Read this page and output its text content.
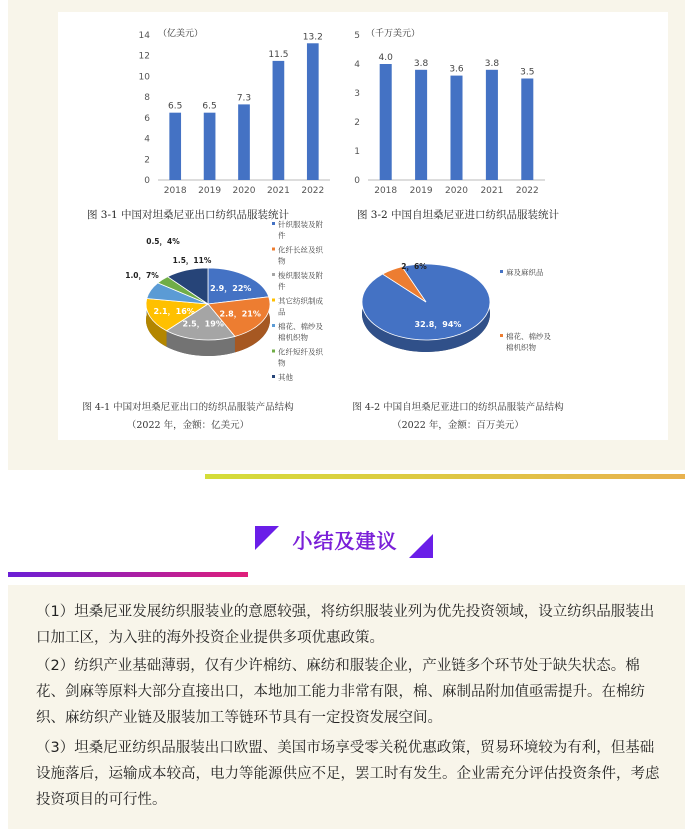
（亿美元）
图 3-1 中国对坦桑尼亚出口纺织品服装统计
0
2
4
6
8
10
12
14
6.5
2018
6.5
2019
7.3
2020
11.5
2021
13.2
2022
（千万美元）
图 3-2 中国自坦桑尼亚进口纺织品服装统计
0
1
2
3
4
5
4.0
2018
3.8
2019
3.6
2020
3.8
2021
3.5
2022
图 4-1 中国对坦桑尼亚出口的纺织品服装产品结构
（2022 年，金额：亿美元）
2.9，22%
2.8，21%
2.5，19%
2.1，16%
1.0，7%
0.5，4%
1.5，11%
针织服装及附件
化纤长丝及织物
梭织服装及附件
其它纺织制成品
棉花、棉纱及棉机织物
化纤短纤及织物
其他
图 4-2 中国自坦桑尼亚进口的纺织品服装产品结构
（2022 年，金额：百万美元）
32.8，94%
2，6%
麻及麻织品
棉花、棉纱及棉机织物
小结及建议
（1）坦桑尼亚发展纺织服装业的意愿较强，将纺织服装业列为优先投资领域，设立纺织品服装出口加工区，为入驻的海外投资企业提供多项优惠政策。
（2）纺织产业基础薄弱，仅有少许棉纺、麻纺和服装企业，产业链多个环节处于缺失状态。棉花、剑麻等原料大部分直接出口，本地加工能力非常有限，棉、麻制品附加值亟需提升。在棉纺织、麻纺织产业链及服装加工等链环节具有一定投资发展空间。
（3）坦桑尼亚纺织品服装出口欧盟、美国市场享受零关税优惠政策，贸易环境较为有利，但基础设施落后，运输成本较高，电力等能源供应不足，罢工时有发生。企业需充分评估投资条件，考虑投资项目的可行性。
